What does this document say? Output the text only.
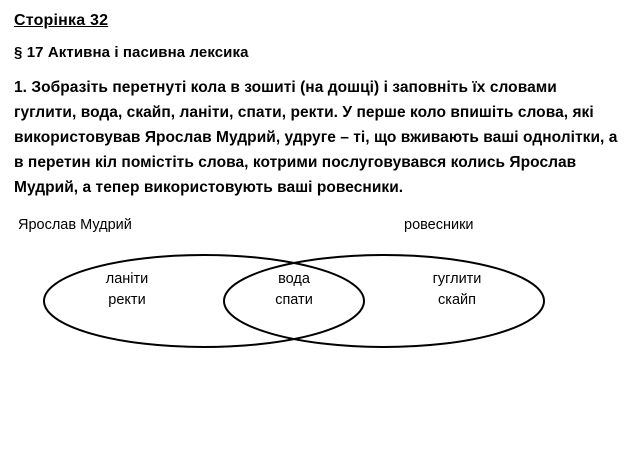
Сторінка 32
§ 17 Активна і пасивна лексика
1. Зобразіть перетнуті кола в зошиті (на дошці) і заповніть їх словами гуглити, вода, скайп, ланіти, спати, ректи. У перше коло впишіть слова, які використовував Ярослав Мудрий, удруге – ті, що вживають ваші однолітки, а в перетин кіл помістіть слова, котрими послуговувався колись Ярослав Мудрий, а тепер використовують ваші ровесники.
Ярослав Мудрий	ровесники
ланіти
ректи
вода
спати
гуглити
скайп
